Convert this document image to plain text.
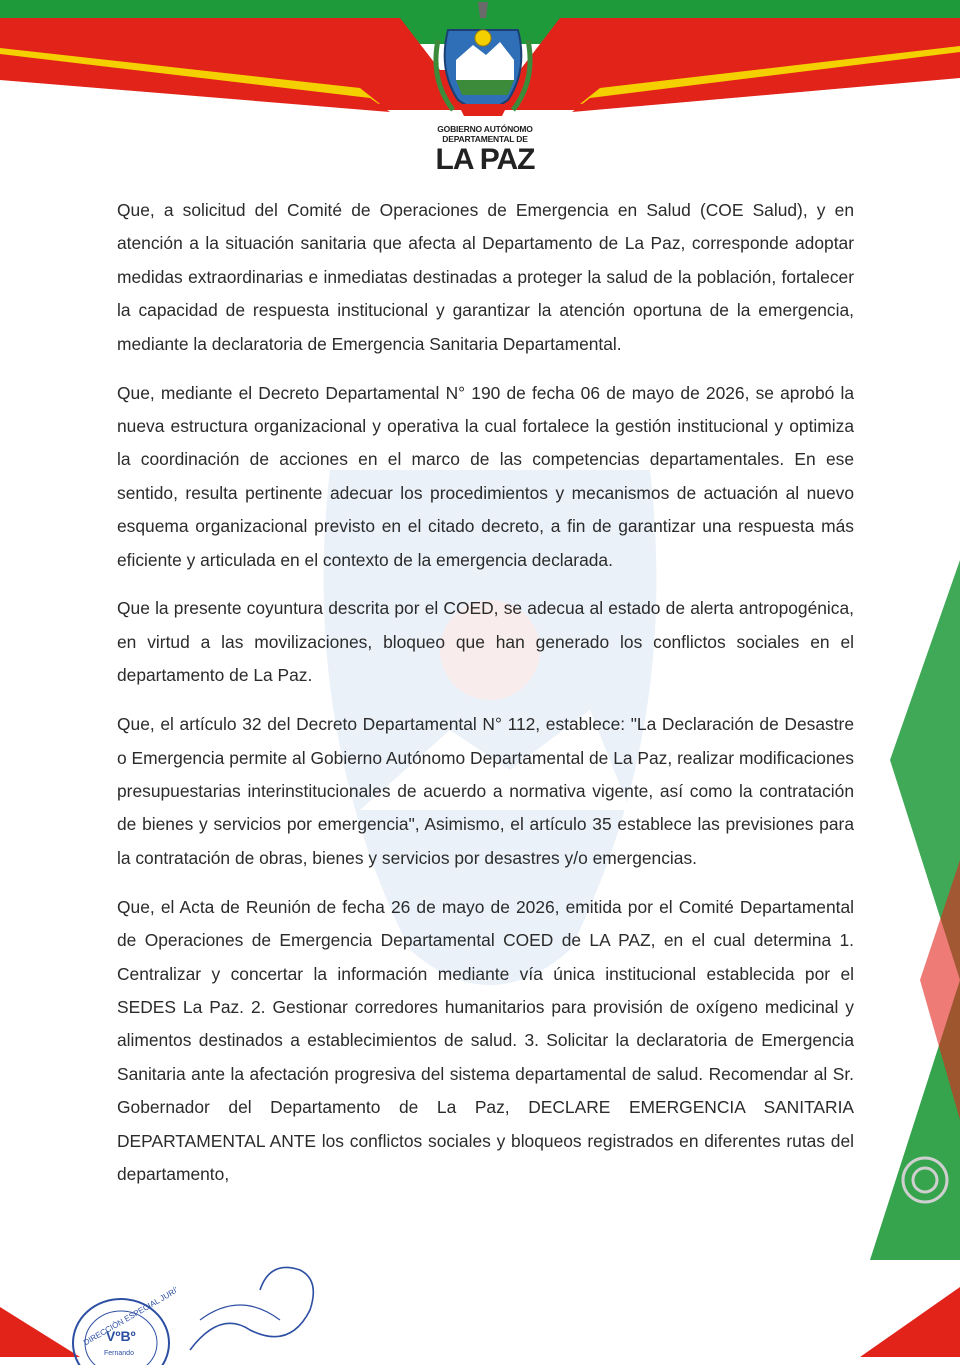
GOBIERNO AUTÓNOMO
DEPARTAMENTAL DE
LA PAZ

Que, a solicitud del Comité de Operaciones de Emergencia en Salud (COE Salud), y en atención a la situación sanitaria que afecta al Departamento de La Paz, corresponde adoptar medidas extraordinarias e inmediatas destinadas a proteger la salud de la población, fortalecer la capacidad de respuesta institucional y garantizar la atención oportuna de la emergencia, mediante la declaratoria de Emergencia Sanitaria Departamental.

Que, mediante el Decreto Departamental N° 190 de fecha 06 de mayo de 2026, se aprobó la nueva estructura organizacional y operativa la cual fortalece la gestión institucional y optimiza la coordinación de acciones en el marco de las competencias departamentales. En ese sentido, resulta pertinente adecuar los procedimientos y mecanismos de actuación al nuevo esquema organizacional previsto en el citado decreto, a fin de garantizar una respuesta más eficiente y articulada en el contexto de la emergencia declarada.

Que la presente coyuntura descrita por el COED, se adecua al estado de alerta antropogénica, en virtud a las movilizaciones, bloqueo que han generado los conflictos sociales en el departamento de La Paz.

Que, el artículo 32 del Decreto Departamental N° 112, establece: "La Declaración de Desastre o Emergencia permite al Gobierno Autónomo Departamental de La Paz, realizar modificaciones presupuestarias interinstitucionales de acuerdo a normativa vigente, así como la contratación de bienes y servicios por emergencia", Asimismo, el artículo 35 establece las previsiones para la contratación de obras, bienes y servicios por desastres y/o emergencias.

Que, el Acta de Reunión de fecha 26 de mayo de 2026, emitida por el Comité Departamental de Operaciones de Emergencia Departamental COED de LA PAZ, en el cual determina 1. Centralizar y concertar la información mediante vía única institucional establecida por el SEDES La Paz. 2. Gestionar corredores humanitarios para provisión de oxígeno medicinal y alimentos destinados a establecimientos de salud. 3. Solicitar la declaratoria de Emergencia Sanitaria ante la afectación progresiva del sistema departamental de salud. Recomendar al Sr. Gobernador del Departamento de La Paz, DECLARE EMERGENCIA SANITARIA DEPARTAMENTAL ANTE los conflictos sociales y bloqueos registrados en diferentes rutas del departamento,

DIRECCIÓN ESPECIAL JURÍDICA
VºBº
Fernando
